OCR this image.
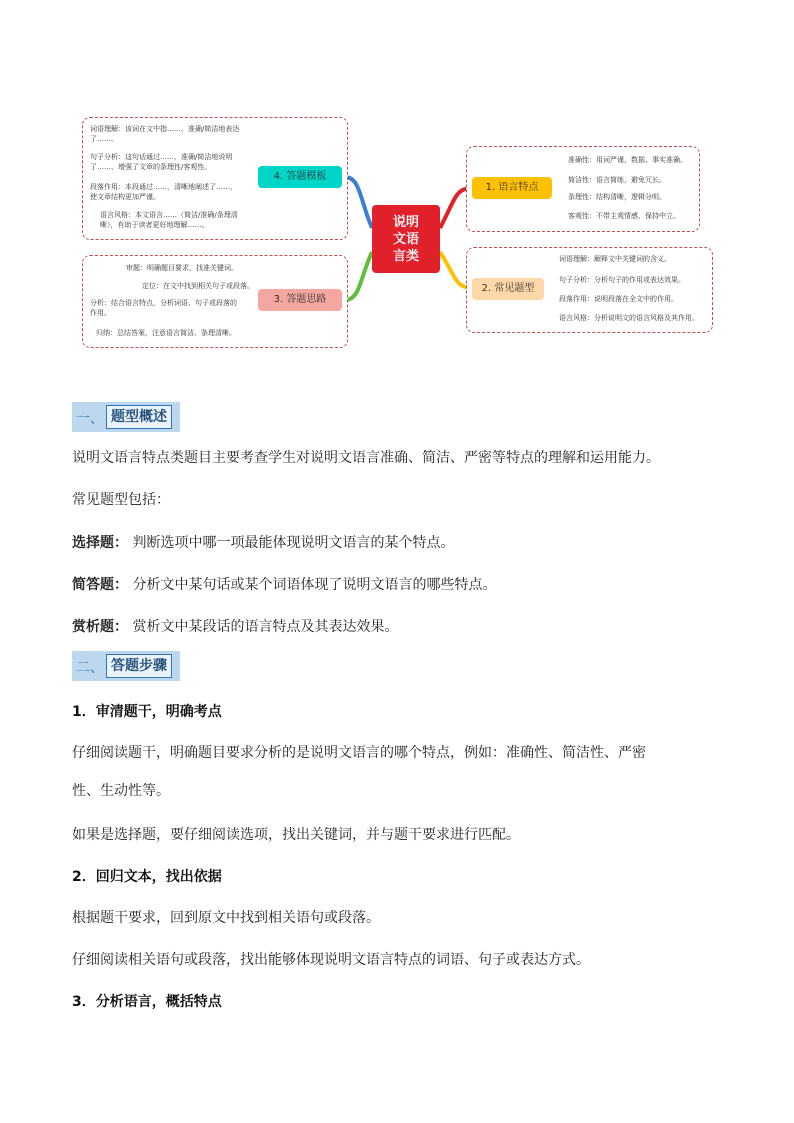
说明
文语
言类
1. 语言特点
准确性：用词严谨、数据、事实准确。
简洁性：语言简练，避免冗长。
条理性：结构清晰，逻辑分明。
客观性：不带主观情感，保持中立。
2. 常见题型
词语理解：解释文中关键词的含义。
句子分析：分析句子的作用或表达效果。
段落作用：说明段落在全文中的作用。
语言风格：分析说明文的语言风格及其作用。
4. 答题模板
词语理解：该词在文中指……，准确/简洁地表达了……。
句子分析：这句话通过……，准确/简洁地说明了……，增强了文章的条理性/客观性。
段落作用：本段通过……，清晰地阐述了……，使文章结构更加严谨。
语言风格：本文语言……（简洁/准确/条理清晰），有助于读者更好地理解……。
3. 答题思路
审题：明确题目要求，找准关键词。
定位：在文中找到相关句子或段落。
分析：结合语言特点，分析词语、句子或段落的作用。
归纳：总结答案，注意语言简洁、条理清晰。
一、 题型概述
说明文语言特点类题目主要考查学生对说明文语言准确、简洁、严密等特点的理解和运用能力。
常见题型包括：
选择题： 判断选项中哪一项最能体现说明文语言的某个特点。
简答题： 分析文中某句话或某个词语体现了说明文语言的哪些特点。
赏析题： 赏析文中某段话的语言特点及其表达效果。
二、 答题步骤
1．审清题干，明确考点
仔细阅读题干，明确题目要求分析的是说明文语言的哪个特点，例如：准确性、简洁性、严密
性、生动性等。
如果是选择题，要仔细阅读选项，找出关键词，并与题干要求进行匹配。
2．回归文本，找出依据
根据题干要求，回到原文中找到相关语句或段落。
仔细阅读相关语句或段落，找出能够体现说明文语言特点的词语、句子或表达方式。
3．分析语言，概括特点
